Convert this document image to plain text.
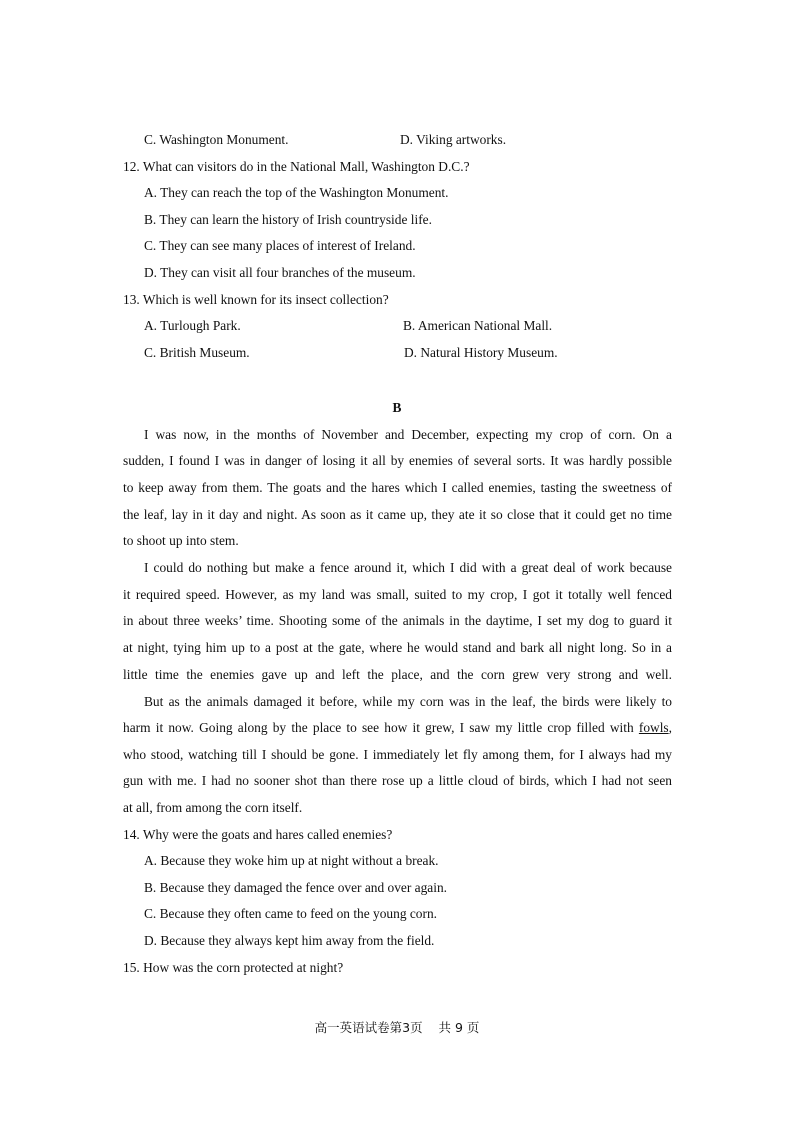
C. Washington Monument.	D. Viking artworks.
12. What can visitors do in the National Mall, Washington D.C.?
A. They can reach the top of the Washington Monument.
B. They can learn the history of Irish countryside life.
C. They can see many places of interest of Ireland.
D. They can visit all four branches of the museum.
13. Which is well known for its insect collection?
A. Turlough Park.	B. American National Mall.
C. British Museum.	D. Natural History Museum.
B
I was now, in the months of November and December, expecting my crop of corn. On a
sudden, I found I was in danger of losing it all by enemies of several sorts. It was hardly possible
to keep away from them. The goats and the hares which I called enemies, tasting the sweetness of
the leaf, lay in it day and night. As soon as it came up, they ate it so close that it could get no time
to shoot up into stem.
I could do nothing but make a fence around it, which I did with a great deal of work because
it required speed. However, as my land was small, suited to my crop, I got it totally well fenced
in about three weeks’ time. Shooting some of the animals in the daytime, I set my dog to guard it
at night, tying him up to a post at the gate, where he would stand and bark all night long. So in a
little time the enemies gave up and left the place, and the corn grew very strong and well.
But as the animals damaged it before, while my corn was in the leaf, the birds were likely to
harm it now. Going along by the place to see how it grew, I saw my little crop filled with fowls,
who stood, watching till I should be gone. I immediately let fly among them, for I always had my
gun with me. I had no sooner shot than there rose up a little cloud of birds, which I had not seen
at all, from among the corn itself.
14. Why were the goats and hares called enemies?
A. Because they woke him up at night without a break.
B. Because they damaged the fence over and over again.
C. Because they often came to feed on the young corn.
D. Because they always kept him away from the field.
15. How was the corn protected at night?
高一英语试卷第3页    共 9 页
